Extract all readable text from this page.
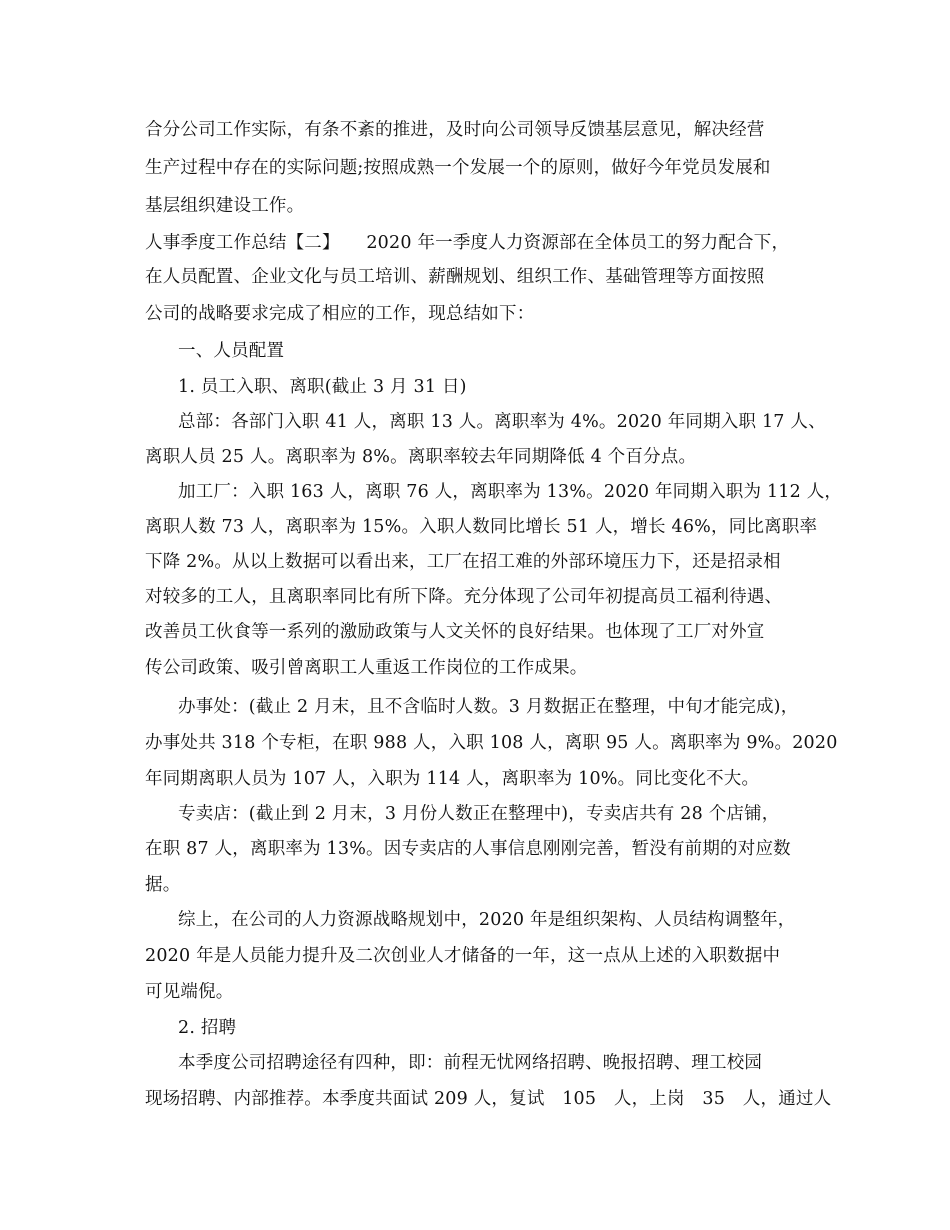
合分公司工作实际，有条不紊的推进，及时向公司领导反馈基层意见，解决经营
生产过程中存在的实际问题;按照成熟一个发展一个的原则，做好今年党员发展和
基层组织建设工作。
人事季度工作总结【二】　　2020 年一季度人力资源部在全体员工的努力配合下，
在人员配置、企业文化与员工培训、薪酬规划、组织工作、基础管理等方面按照
公司的战略要求完成了相应的工作，现总结如下：
一、人员配置
1. 员工入职、离职(截止 3 月 31 日)
总部：各部门入职 41 人，离职 13 人。离职率为 4%。2020 年同期入职 17 人、
离职人员 25 人。离职率为 8%。离职率较去年同期降低 4 个百分点。
加工厂：入职 163 人，离职 76 人，离职率为 13%。2020 年同期入职为 112 人，
离职人数 73 人，离职率为 15%。入职人数同比增长 51 人，增长 46%，同比离职率
下降 2%。从以上数据可以看出来，工厂在招工难的外部环境压力下，还是招录相
对较多的工人，且离职率同比有所下降。充分体现了公司年初提高员工福利待遇、
改善员工伙食等一系列的激励政策与人文关怀的良好结果。也体现了工厂对外宣
传公司政策、吸引曾离职工人重返工作岗位的工作成果。
办事处：(截止 2 月末，且不含临时人数。3 月数据正在整理，中旬才能完成)，
办事处共 318 个专柜，在职 988 人，入职 108 人，离职 95 人。离职率为 9%。2020
年同期离职人员为 107 人，入职为 114 人，离职率为 10%。同比变化不大。
专卖店：(截止到 2 月末，3 月份人数正在整理中)，专卖店共有 28 个店铺，
在职 87 人，离职率为 13%。因专卖店的人事信息刚刚完善，暂没有前期的对应数
据。
综上，在公司的人力资源战略规划中，2020 年是组织架构、人员结构调整年，
2020 年是人员能力提升及二次创业人才储备的一年，这一点从上述的入职数据中
可见端倪。
2. 招聘
本季度公司招聘途径有四种，即：前程无忧网络招聘、晚报招聘、理工校园
现场招聘、内部推荐。本季度共面试 209 人，复试　105　人，上岗　35　人，通过人
